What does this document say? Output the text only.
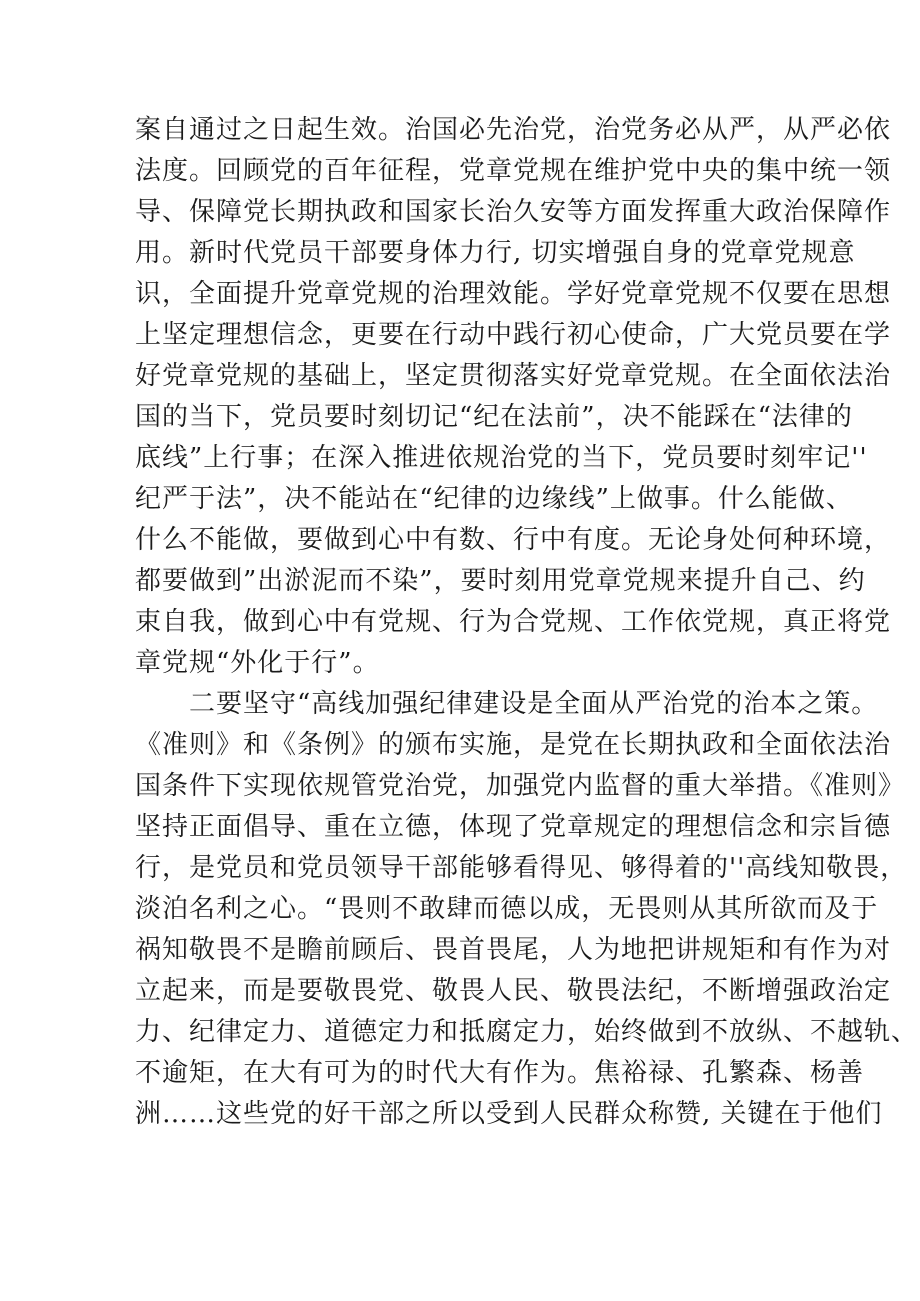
案自通过之日起生效。治国必先治党，治党务必从严，从严必依
法度。回顾党的百年征程，党章党规在维护党中央的集中统一领
导、保障党长期执政和国家长治久安等方面发挥重大政治保障作
用。新时代党员干部要身体力行, 切实增强自身的党章党规意
识，全面提升党章党规的治理效能。学好党章党规不仅要在思想
上坚定理想信念，更要在行动中践行初心使命，广大党员要在学
好党章党规的基础上，坚定贯彻落实好党章党规。在全面依法治
国的当下，党员要时刻切记“纪在法前”，决不能踩在“法律的
底线”上行事；在深入推进依规治党的当下，党员要时刻牢记''
纪严于法”，决不能站在“纪律的边缘线”上做事。什么能做、
什么不能做，要做到心中有数、行中有度。无论身处何种环境，
都要做到”出淤泥而不染”，要时刻用党章党规来提升自己、约
束自我，做到心中有党规、行为合党规、工作依党规，真正将党
章党规“外化于行”。
二要坚守“高线加强纪律建设是全面从严治党的治本之策。
《准则》和《条例》的颁布实施，是党在长期执政和全面依法治
国条件下实现依规管党治党，加强党内监督的重大举措。《准则》
坚持正面倡导、重在立德，体现了党章规定的理想信念和宗旨德
行，是党员和党员领导干部能够看得见、够得着的''高线知敬畏，
淡泊名利之心。“畏则不敢肆而德以成，无畏则从其所欲而及于
祸知敬畏不是瞻前顾后、畏首畏尾，人为地把讲规矩和有作为对
立起来，而是要敬畏党、敬畏人民、敬畏法纪，不断增强政治定
力、纪律定力、道德定力和抵腐定力，始终做到不放纵、不越轨、
不逾矩，在大有可为的时代大有作为。焦裕禄、孔繁森、杨善
洲……这些党的好干部之所以受到人民群众称赞, 关键在于他们
